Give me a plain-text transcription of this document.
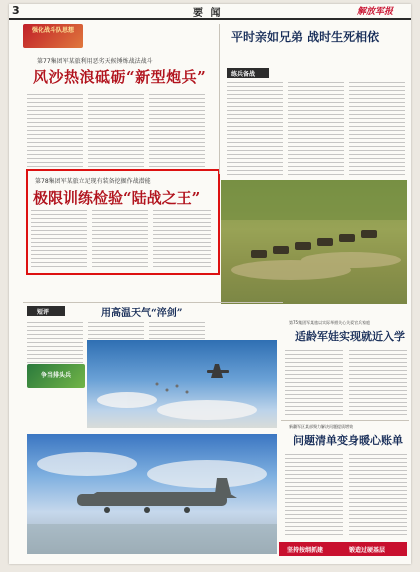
3	要 闻	解放军报
强化战斗队思想
第77集团军某旅利用恶劣天候锤炼战法战斗
风沙热浪砥砺“新型炮兵”
平时亲如兄弟 战时生死相依
练兵备战
第78集团军某旅立足现有装备挖掘作战潜能
极限训练检验“陆战之王”
短评	用高温天气“淬剑”
第75集团军某旅以实际举措关心关爱官兵家庭
适龄军娃实现就近入学
争当排头兵
新疆军区某部聚力解决问题提质增效
问题清单变身暖心账单
坚持按纲抓建	锻造过硬基层
